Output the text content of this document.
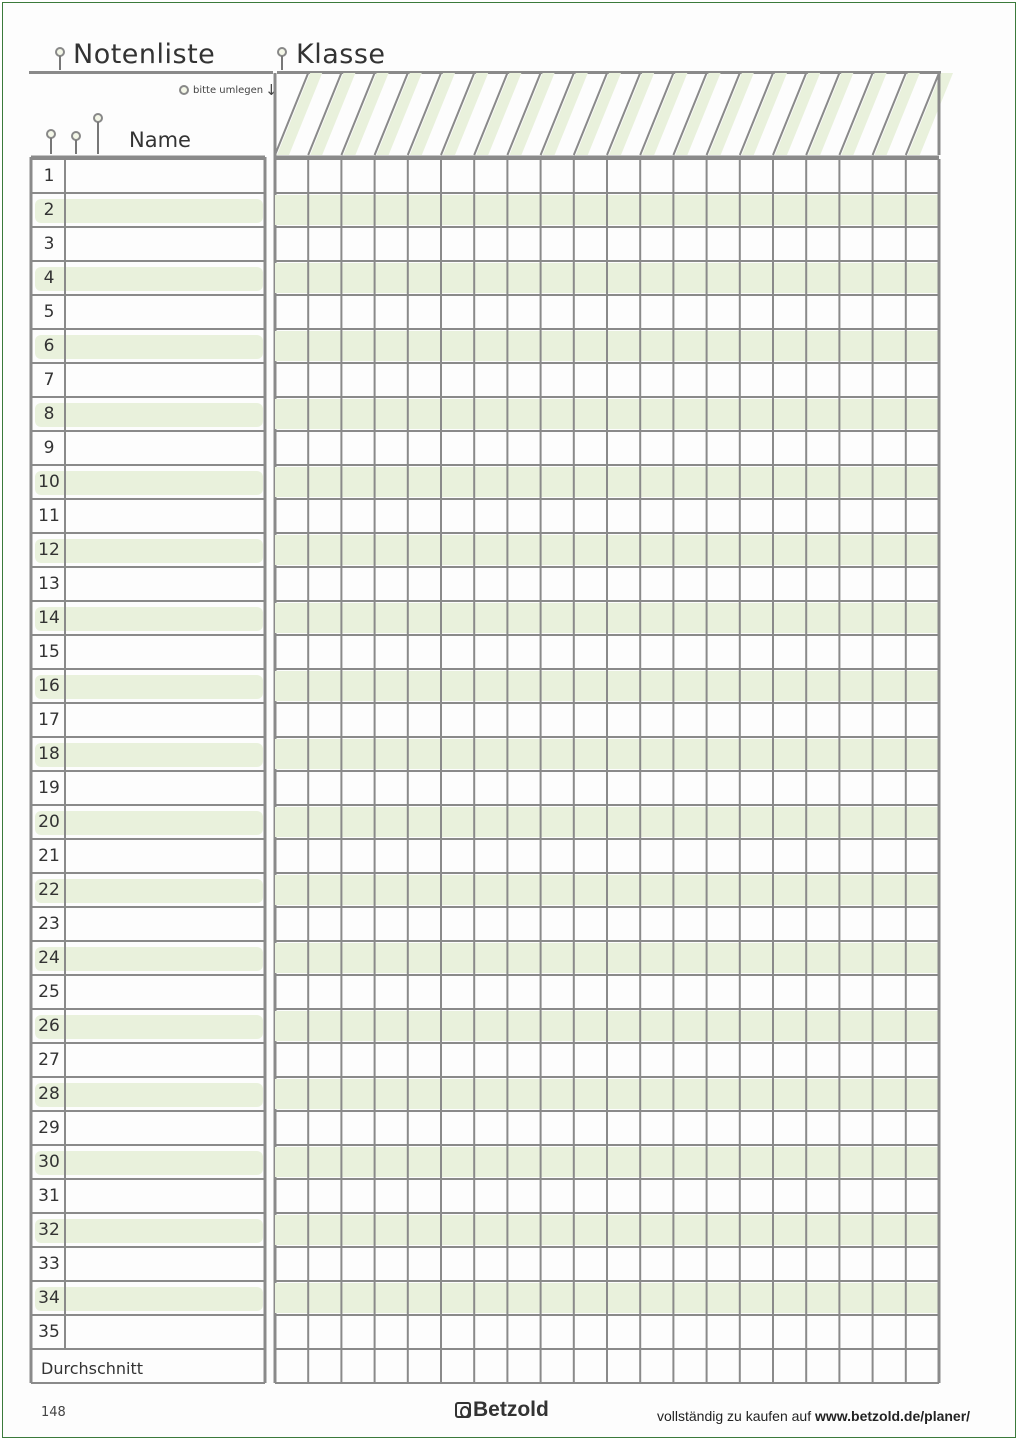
Notenliste	Klasse
bitte umlegen ↓
Name
1
2
3
4
5
6
7
8
9
10
11
12
13
14
15
16
17
18
19
20
21
22
23
24
25
26
27
28
29
30
31
32
33
34
35
Durchschnitt
148	Betzold	vollständig zu kaufen auf www.betzold.de/planer/
